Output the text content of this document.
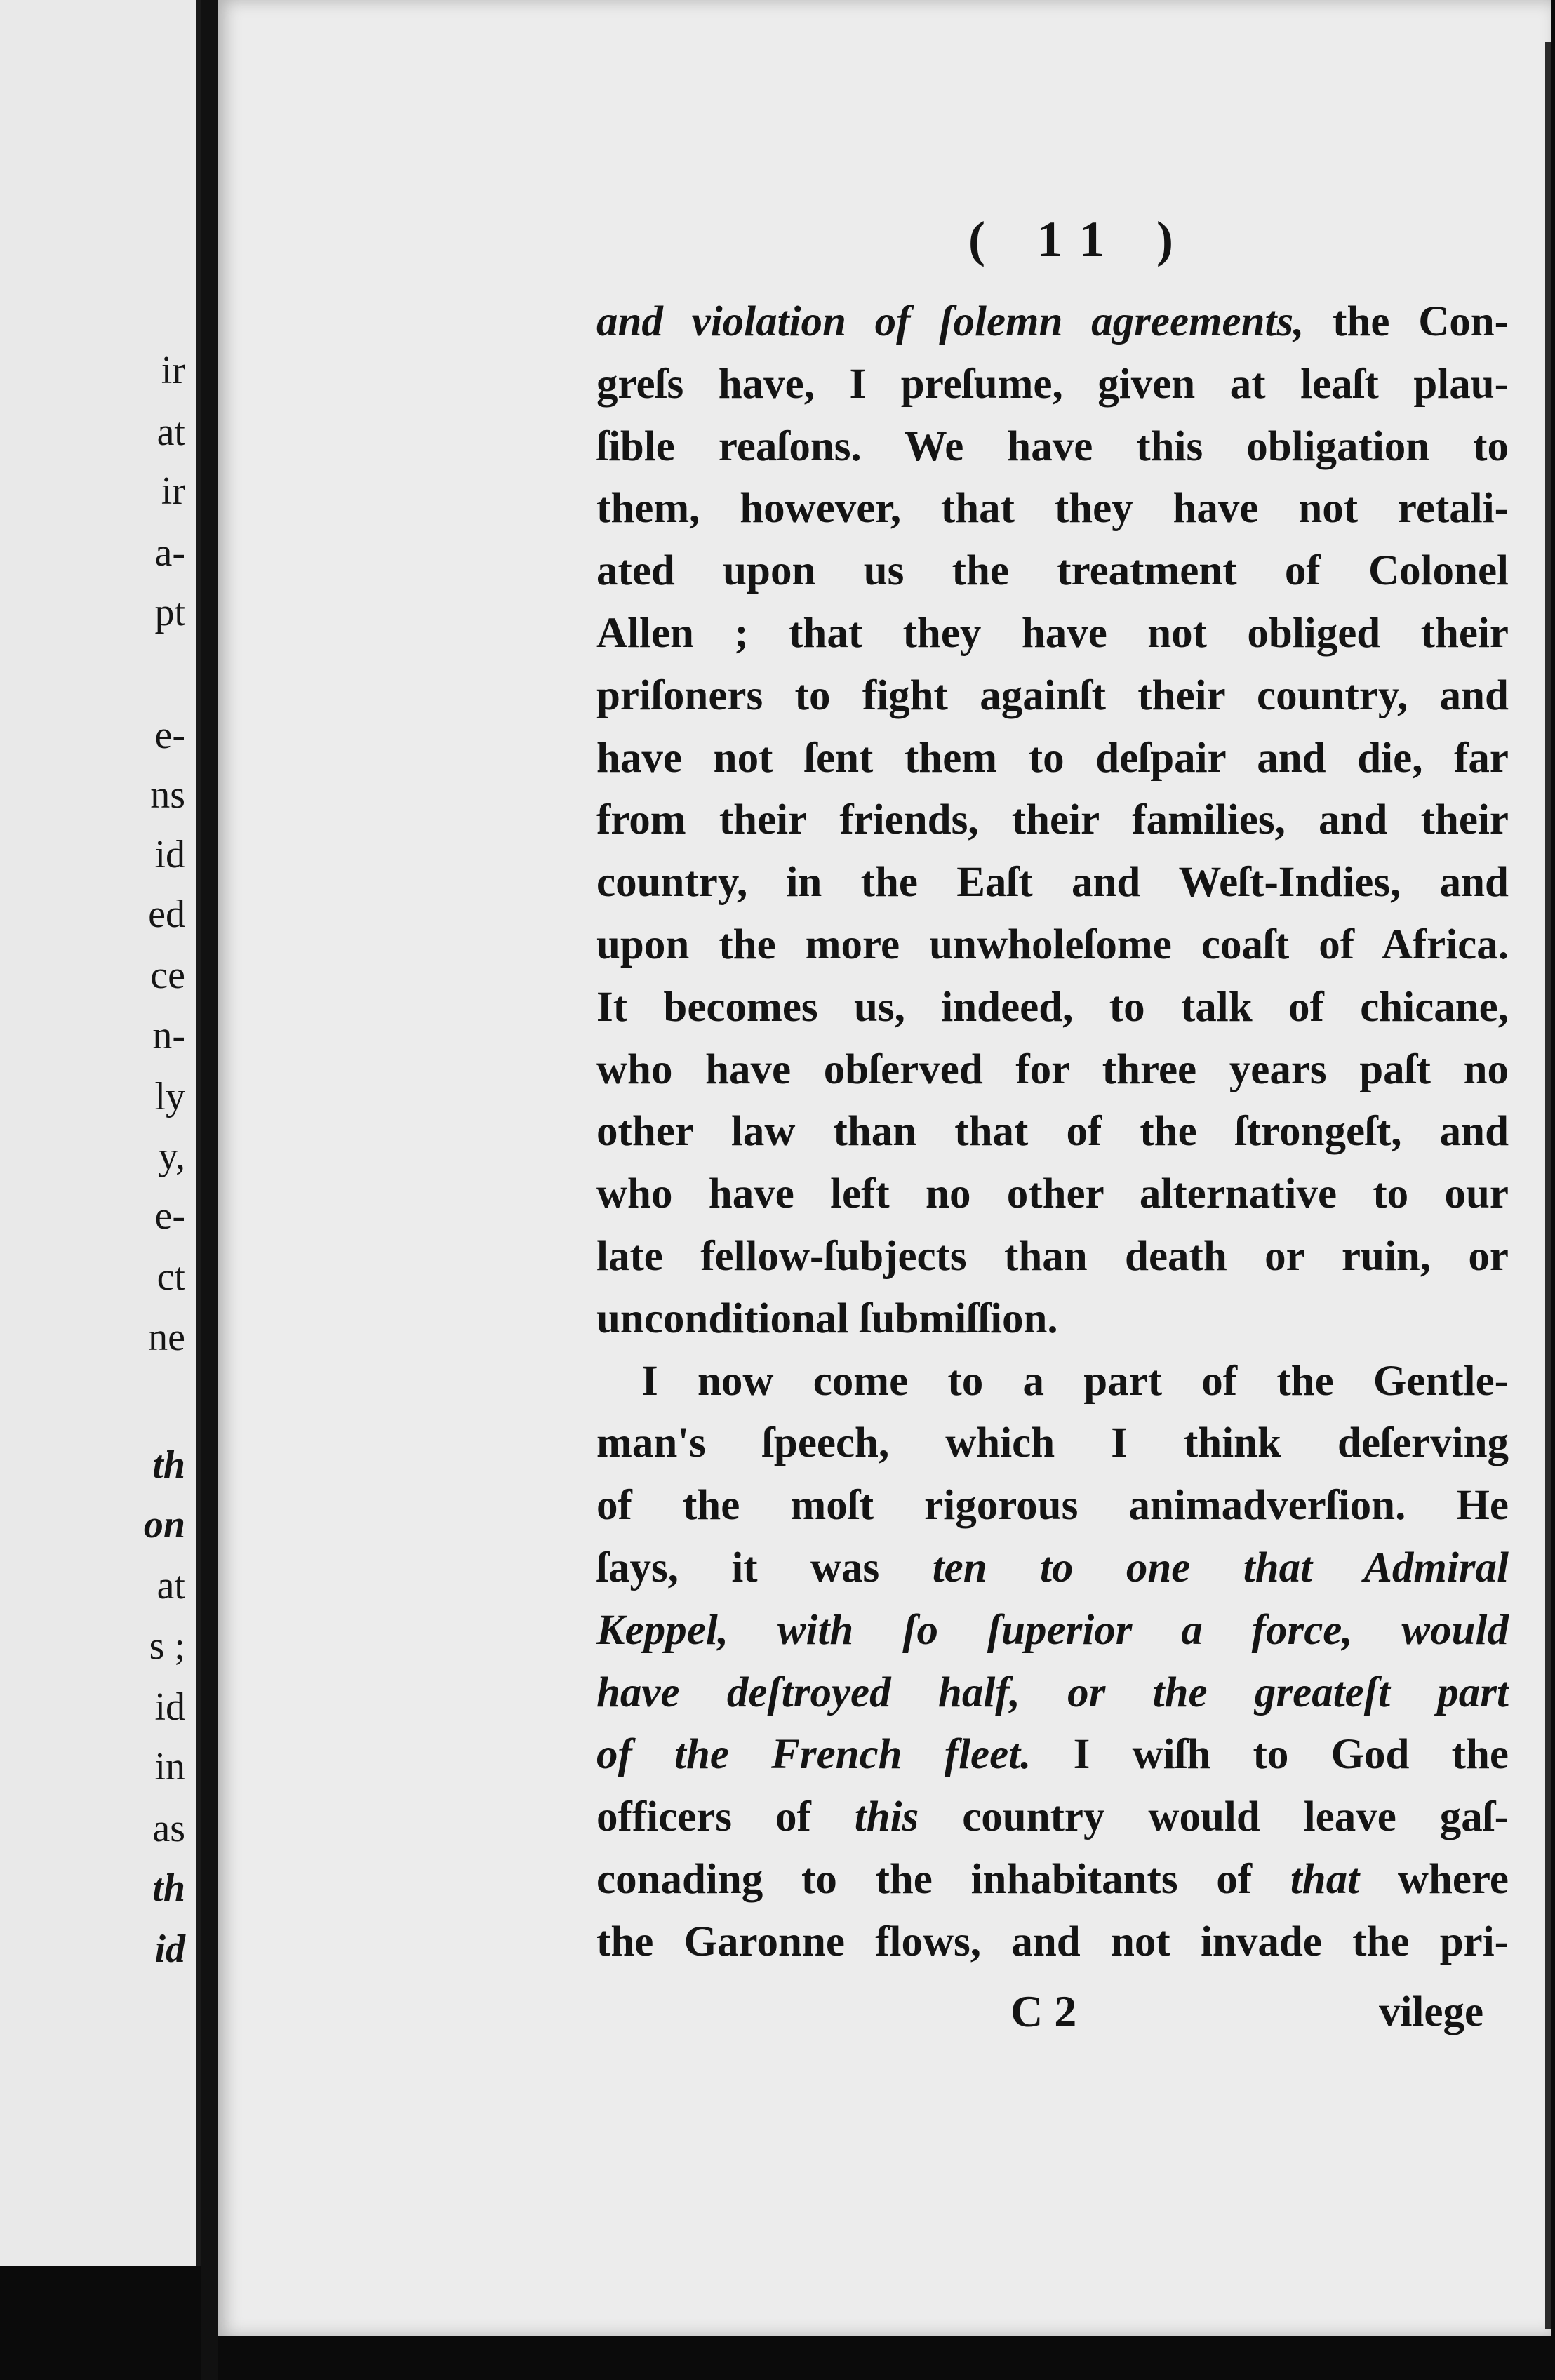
ir
at
ir
a-
pt
e-
ns
id
ed
ce
n-
ly
y,
e-
ct
ne
th
on
at
s ;
id
in
as
th
id
( 11 )
and violation of ſolemn agreements, the Con-
greſs have, I preſume, given at leaſt plau-
ſible reaſons. We have this obligation to
them, however, that they have not retali-
ated upon us the treatment of Colonel
Allen ; that they have not obliged their
priſoners to fight againſt their country, and
have not ſent them to deſpair and die, far
from their friends, their families, and their
country, in the Eaſt and Weſt-Indies, and
upon the more unwholeſome coaſt of Africa.
It becomes us, indeed, to talk of chicane,
who have obſerved for three years paſt no
other law than that of the ſtrongeſt, and
who have left no other alternative to our
late fellow-ſubjects than death or ruin, or
unconditional ſubmiſſion.
I now come to a part of the Gentle-
man's ſpeech, which I think deſerving
of the moſt rigorous animadverſion. He
ſays, it was ten to one that Admiral
Keppel, with ſo ſuperior a force, would
have deſtroyed half, or the greateſt part
of the French fleet. I wiſh to God the
officers of this country would leave gaſ-
conading to the inhabitants of that where
the Garonne flows, and not invade the pri-
C 2	vilege
